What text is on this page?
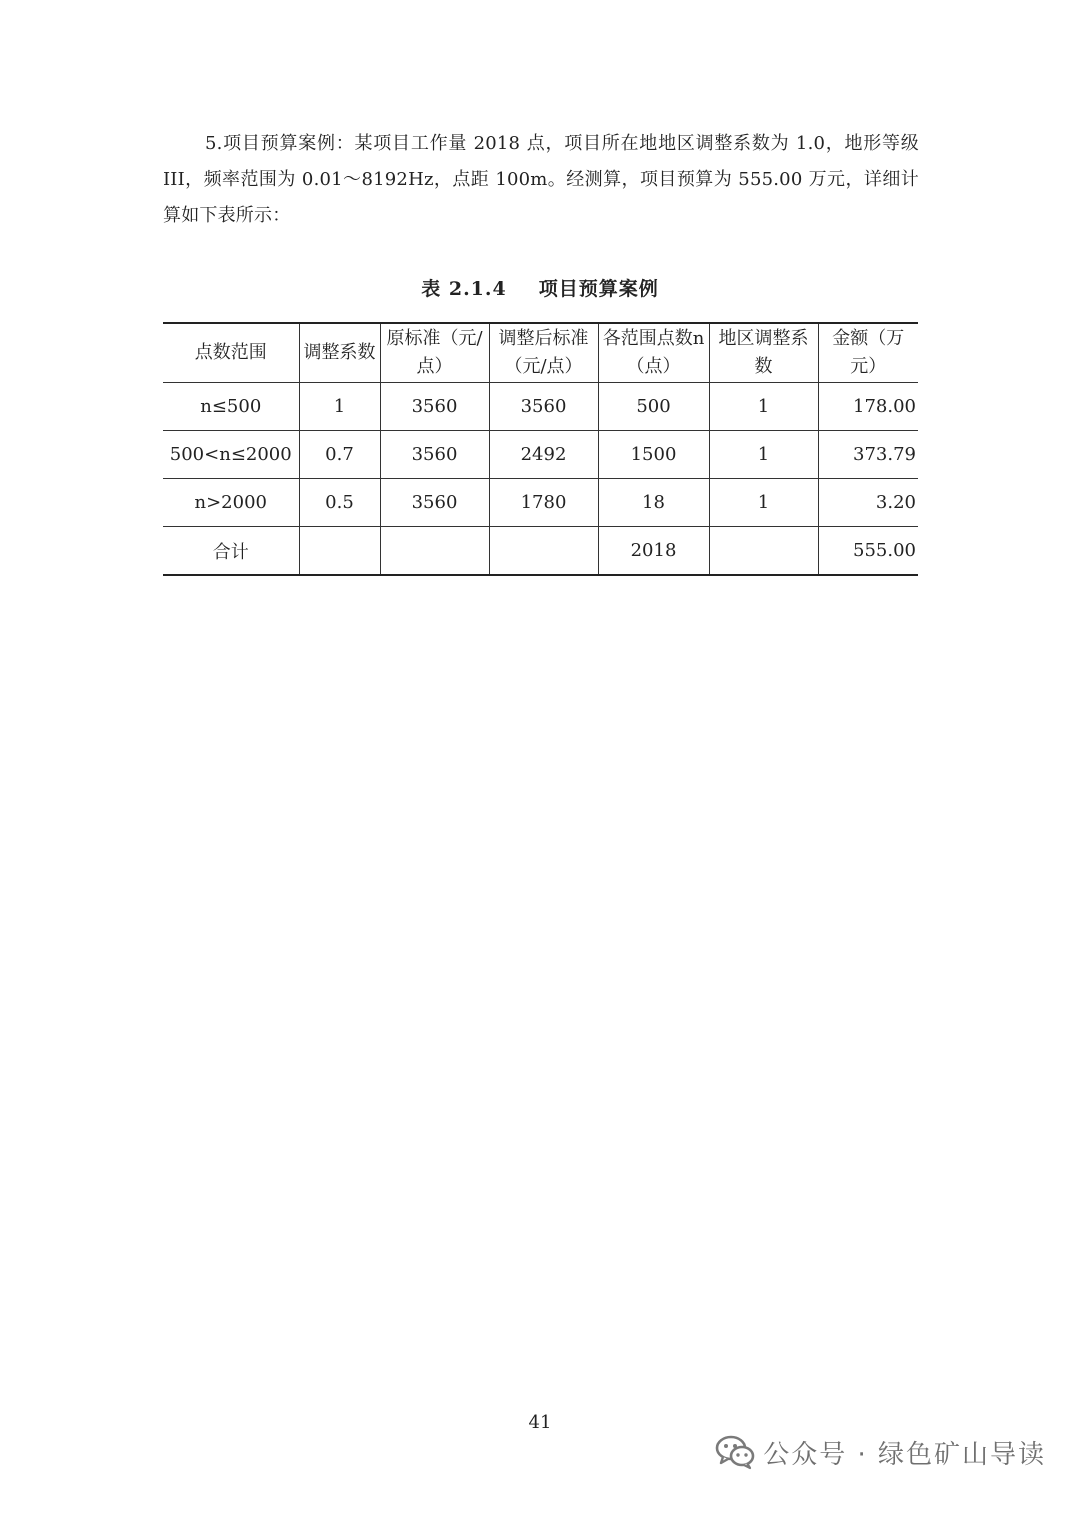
5.项目预算案例：某项目工作量 2018 点，项目所在地地区调整系数为 1.0，地形等级 III，频率范围为 0.01～8192Hz，点距 100m。经测算，项目预算为 555.00 万元，详细计算如下表所示：
表 2.1.4 项目预算案例
点数范围	调整系数	原标准（元/点）	调整后标准（元/点）	各范围点数n（点）	地区调整系数	金额（万元）
n≤500	1	3560	3560	500	1	178.00
500<n≤2000	0.7	3560	2492	1500	1	373.79
n>2000	0.5	3560	1780	18	1	3.20
合计				2018		555.00
41
公众号 · 绿色矿山导读
